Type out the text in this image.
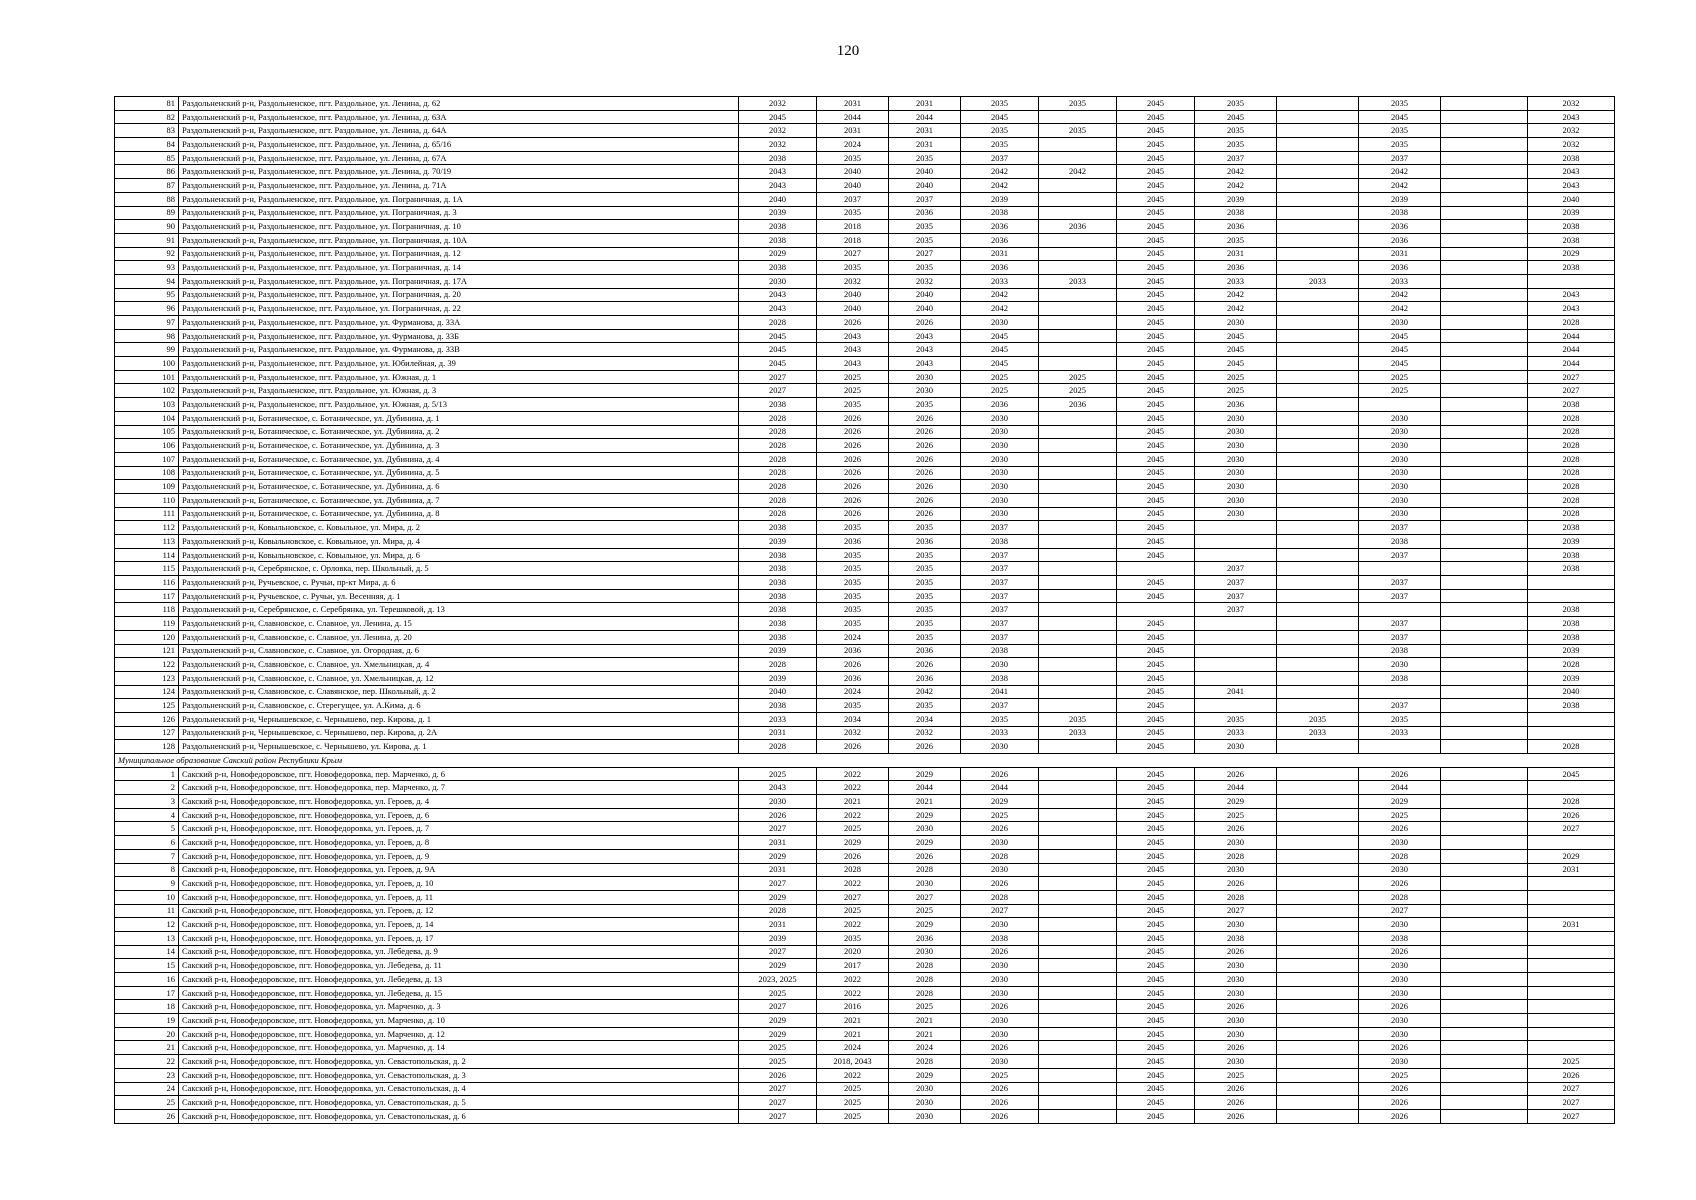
120
81	Раздольненский р-н, Раздольненское, пгт. Раздольное, ул. Ленина, д. 62	2032	2031	2031	2035	2035	2045	2035		2035		2032
82	Раздольненский р-н, Раздольненское, пгт. Раздольное, ул. Ленина, д. 63А	2045	2044	2044	2045		2045	2045		2045		2043
83	Раздольненский р-н, Раздольненское, пгт. Раздольное, ул. Ленина, д. 64А	2032	2031	2031	2035	2035	2045	2035		2035		2032
84	Раздольненский р-н, Раздольненское, пгт. Раздольное, ул. Ленина, д. 65/16	2032	2024	2031	2035		2045	2035		2035		2032
85	Раздольненский р-н, Раздольненское, пгт. Раздольное, ул. Ленина, д. 67А	2038	2035	2035	2037		2045	2037		2037		2038
86	Раздольненский р-н, Раздольненское, пгт. Раздольное, ул. Ленина, д. 70/19	2043	2040	2040	2042	2042	2045	2042		2042		2043
87	Раздольненский р-н, Раздольненское, пгт. Раздольное, ул. Ленина, д. 71А	2043	2040	2040	2042		2045	2042		2042		2043
88	Раздольненский р-н, Раздольненское, пгт. Раздольное, ул. Пограничная, д. 1А	2040	2037	2037	2039		2045	2039		2039		2040
89	Раздольненский р-н, Раздольненское, пгт. Раздольное, ул. Пограничная, д. 3	2039	2035	2036	2038		2045	2038		2038		2039
90	Раздольненский р-н, Раздольненское, пгт. Раздольное, ул. Пограничная, д. 10	2038	2018	2035	2036	2036	2045	2036		2036		2038
91	Раздольненский р-н, Раздольненское, пгт. Раздольное, ул. Пограничная, д. 10А	2038	2018	2035	2036		2045	2035		2036		2038
92	Раздольненский р-н, Раздольненское, пгт. Раздольное, ул. Пограничная, д. 12	2029	2027	2027	2031		2045	2031		2031		2029
93	Раздольненский р-н, Раздольненское, пгт. Раздольное, ул. Пограничная, д. 14	2038	2035	2035	2036		2045	2036		2036		2038
94	Раздольненский р-н, Раздольненское, пгт. Раздольное, ул. Пограничная, д. 17А	2030	2032	2032	2033	2033	2045	2033	2033	2033		
95	Раздольненский р-н, Раздольненское, пгт. Раздольное, ул. Пограничная, д. 20	2043	2040	2040	2042		2045	2042		2042		2043
96	Раздольненский р-н, Раздольненское, пгт. Раздольное, ул. Пограничная, д. 22	2043	2040	2040	2042		2045	2042		2042		2043
97	Раздольненский р-н, Раздольненское, пгт. Раздольное, ул. Фурманова, д. 33А	2028	2026	2026	2030		2045	2030		2030		2028
98	Раздольненский р-н, Раздольненское, пгт. Раздольное, ул. Фурманова, д. 33Б	2045	2043	2043	2045		2045	2045		2045		2044
99	Раздольненский р-н, Раздольненское, пгт. Раздольное, ул. Фурманова, д. 33В	2045	2043	2043	2045		2045	2045		2045		2044
100	Раздольненский р-н, Раздольненское, пгт. Раздольное, ул. Юбилейная, д. 39	2045	2043	2043	2045		2045	2045		2045		2044
101	Раздольненский р-н, Раздольненское, пгт. Раздольное, ул. Южная, д. 1	2027	2025	2030	2025	2025	2045	2025		2025		2027
102	Раздольненский р-н, Раздольненское, пгт. Раздольное, ул. Южная, д. 3	2027	2025	2030	2025	2025	2045	2025		2025		2027
103	Раздольненский р-н, Раздольненское, пгт. Раздольное, ул. Южная, д. 5/13	2038	2035	2035	2036	2036	2045	2036				2038
104	Раздольненский р-н, Ботаническое, с. Ботаническое, ул. Дубинина, д. 1	2028	2026	2026	2030		2045	2030		2030		2028
105	Раздольненский р-н, Ботаническое, с. Ботаническое, ул. Дубинина, д. 2	2028	2026	2026	2030		2045	2030		2030		2028
106	Раздольненский р-н, Ботаническое, с. Ботаническое, ул. Дубинина, д. 3	2028	2026	2026	2030		2045	2030		2030		2028
107	Раздольненский р-н, Ботаническое, с. Ботаническое, ул. Дубинина, д. 4	2028	2026	2026	2030		2045	2030		2030		2028
108	Раздольненский р-н, Ботаническое, с. Ботаническое, ул. Дубинина, д. 5	2028	2026	2026	2030		2045	2030		2030		2028
109	Раздольненский р-н, Ботаническое, с. Ботаническое, ул. Дубинина, д. 6	2028	2026	2026	2030		2045	2030		2030		2028
110	Раздольненский р-н, Ботаническое, с. Ботаническое, ул. Дубинина, д. 7	2028	2026	2026	2030		2045	2030		2030		2028
111	Раздольненский р-н, Ботаническое, с. Ботаническое, ул. Дубинина, д. 8	2028	2026	2026	2030		2045	2030		2030		2028
112	Раздольненский р-н, Ковыльновское, с. Ковыльное, ул. Мира, д. 2	2038	2035	2035	2037		2045			2037		2038
113	Раздольненский р-н, Ковыльновское, с. Ковыльное, ул. Мира, д. 4	2039	2036	2036	2038		2045			2038		2039
114	Раздольненский р-н, Ковыльновское, с. Ковыльное, ул. Мира, д. 6	2038	2035	2035	2037		2045			2037		2038
115	Раздольненский р-н, Серебрянское, с. Орловка, пер. Школьный, д. 5	2038	2035	2035	2037			2037				2038
116	Раздольненский р-н, Ручьевское, с. Ручьи, пр-кт Мира, д. 6	2038	2035	2035	2037		2045	2037		2037		
117	Раздольненский р-н, Ручьевское, с. Ручьи, ул. Весенняя, д. 1	2038	2035	2035	2037		2045	2037		2037		
118	Раздольненский р-н, Серебрянское, с. Серебрянка, ул. Терешковой, д. 13	2038	2035	2035	2037			2037				2038
119	Раздольненский р-н, Славновское, с. Славное, ул. Ленина, д. 15	2038	2035	2035	2037		2045			2037		2038
120	Раздольненский р-н, Славновское, с. Славное, ул. Ленина, д. 20	2038	2024	2035	2037		2045			2037		2038
121	Раздольненский р-н, Славновское, с. Славное, ул. Огородная, д. 6	2039	2036	2036	2038		2045			2038		2039
122	Раздольненский р-н, Славновское, с. Славное, ул. Хмельницкая, д. 4	2028	2026	2026	2030		2045			2030		2028
123	Раздольненский р-н, Славновское, с. Славное, ул. Хмельницкая, д. 12	2039	2036	2036	2038		2045			2038		2039
124	Раздольненский р-н, Славновское, с. Славянское, пер. Школьный, д. 2	2040	2024	2042	2041		2045	2041				2040
125	Раздольненский р-н, Славновское, с. Стерегущее, ул. А.Кима, д. 6	2038	2035	2035	2037		2045			2037		2038
126	Раздольненский р-н, Чернышевское, с. Чернышево, пер. Кирова, д. 1	2033	2034	2034	2035	2035	2045	2035	2035	2035		
127	Раздольненский р-н, Чернышевское, с. Чернышево, пер. Кирова, д. 2А	2031	2032	2032	2033	2033	2045	2033	2033	2033		
128	Раздольненский р-н, Чернышевское, с. Чернышево, ул. Кирова, д. 1	2028	2026	2026	2030		2045	2030				2028
Муниципальное образование Сакский район Республики Крым												
1	Сакский р-н, Новофедоровское, пгт. Новофедоровка, пер. Марченко, д. 6	2025	2022	2029	2026		2045	2026		2026		2045
2	Сакский р-н, Новофедоровское, пгт. Новофедоровка, пер. Марченко, д. 7	2043	2022	2044	2044		2045	2044		2044		
3	Сакский р-н, Новофедоровское, пгт. Новофедоровка, ул. Героев, д. 4	2030	2021	2021	2029		2045	2029		2029		2028
4	Сакский р-н, Новофедоровское, пгт. Новофедоровка, ул. Героев, д. 6	2026	2022	2029	2025		2045	2025		2025		2026
5	Сакский р-н, Новофедоровское, пгт. Новофедоровка, ул. Героев, д. 7	2027	2025	2030	2026		2045	2026		2026		2027
6	Сакский р-н, Новофедоровское, пгт. Новофедоровка, ул. Героев, д. 8	2031	2029	2029	2030		2045	2030		2030		
7	Сакский р-н, Новофедоровское, пгт. Новофедоровка, ул. Героев, д. 9	2029	2026	2026	2028		2045	2028		2028		2029
8	Сакский р-н, Новофедоровское, пгт. Новофедоровка, ул. Героев, д. 9А	2031	2028	2028	2030		2045	2030		2030		2031
9	Сакский р-н, Новофедоровское, пгт. Новофедоровка, ул. Героев, д. 10	2027	2022	2030	2026		2045	2026		2026		
10	Сакский р-н, Новофедоровское, пгт. Новофедоровка, ул. Героев, д. 11	2029	2027	2027	2028		2045	2028		2028		
11	Сакский р-н, Новофедоровское, пгт. Новофедоровка, ул. Героев, д. 12	2028	2025	2025	2027		2045	2027		2027		
12	Сакский р-н, Новофедоровское, пгт. Новофедоровка, ул. Героев, д. 14	2031	2022	2029	2030		2045	2030		2030		2031
13	Сакский р-н, Новофедоровское, пгт. Новофедоровка, ул. Героев, д. 17	2039	2035	2036	2038		2045	2038		2038		
14	Сакский р-н, Новофедоровское, пгт. Новофедоровка, ул. Лебедева, д. 9	2027	2020	2030	2026		2045	2026		2026		
15	Сакский р-н, Новофедоровское, пгт. Новофедоровка, ул. Лебедева, д. 11	2029	2017	2028	2030		2045	2030		2030		
16	Сакский р-н, Новофедоровское, пгт. Новофедоровка, ул. Лебедева, д. 13	2023, 2025	2022	2028	2030		2045	2030		2030		
17	Сакский р-н, Новофедоровское, пгт. Новофедоровка, ул. Лебедева, д. 15	2025	2022	2028	2030		2045	2030		2030		
18	Сакский р-н, Новофедоровское, пгт. Новофедоровка, ул. Марченко, д. 3	2027	2016	2025	2026		2045	2026		2026		
19	Сакский р-н, Новофедоровское, пгт. Новофедоровка, ул. Марченко, д. 10	2029	2021	2021	2030		2045	2030		2030		
20	Сакский р-н, Новофедоровское, пгт. Новофедоровка, ул. Марченко, д. 12	2029	2021	2021	2030		2045	2030		2030		
21	Сакский р-н, Новофедоровское, пгт. Новофедоровка, ул. Марченко, д. 14	2025	2024	2024	2026		2045	2026		2026		
22	Сакский р-н, Новофедоровское, пгт. Новофедоровка, ул. Севастопольская, д. 2	2025	2018, 2043	2028	2030		2045	2030		2030		2025
23	Сакский р-н, Новофедоровское, пгт. Новофедоровка, ул. Севастопольская, д. 3	2026	2022	2029	2025		2045	2025		2025		2026
24	Сакский р-н, Новофедоровское, пгт. Новофедоровка, ул. Севастопольская, д. 4	2027	2025	2030	2026		2045	2026		2026		2027
25	Сакский р-н, Новофедоровское, пгт. Новофедоровка, ул. Севастопольская, д. 5	2027	2025	2030	2026		2045	2026		2026		2027
26	Сакский р-н, Новофедоровское, пгт. Новофедоровка, ул. Севастопольская, д. 6	2027	2025	2030	2026		2045	2026		2026		2027
